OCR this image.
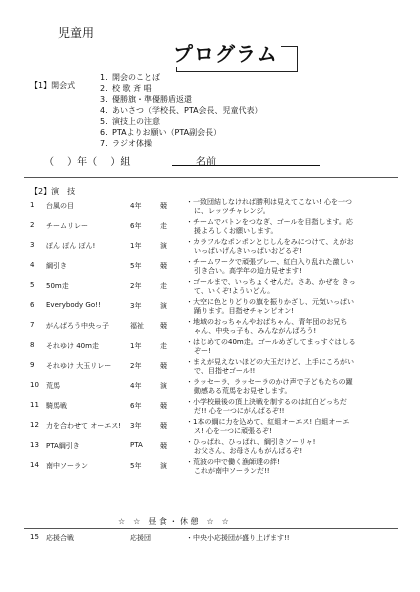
児童用
プログラム
【1】開会式
1. 開会のことば
2. 校 歌 斉 唱
3. 優勝旗・準優勝盾返還
4. あいさつ（学校長、PTA会長、児童代表）
5. 演技上の注意
6. PTAよりお願い（PTA副会長）
7. ラジオ体操
（　 ）年（　 ）組	名前
【2】演　技
1 台風の目	4年	競	・一致団結しなければ勝利は見えてこない! 心を一つ
に、レッツチャレンジ。
2 チームリレー	6年	走	・チームでバトンをつなぎ、ゴールを目指します。応
援よろしくお願いします。
3 ぽん ぽん ぽん!	1年	演	・カラフルなポンポンとじしんをみにつけて、えがお
いっぱいげんきいっぱいおどるぞ!
4 綱引き	5年	競	・チームワークで頑張プレー、紅白入り乱れた激しい
引き合い。高学年の迫力見せます!
5 50m走	2年	走	・ゴールまで、いっちょくせんだ。さあ、かぜを きっ
て、いくぞ!よういどん。
6 Everybody Go!!	3年	演	・大空に色とりどりの旗を振りかざし、元気いっぱい
踊ります。目指せチャンピオン!
7 がんばろう中央っ子	福祉 競	・地域のおっちゃんやおばちゃん、青年団のお兄ち
ゃん、中央っ子も、みんながんばろう!
8 それゆけ 40m走	1年	走	・はじめての40m走。ゴールめざしてまっすぐはしる
ぞー!
9 それゆけ 大玉リレー	2年	競	・まえが見えないほどの大玉だけど、上手にころがい
で、目指せゴール!!
10 荒馬	4年	演	・ラッセーラ、ラッセーラのかけ声で子どもたちの躍
動感ある荒馬をお見せします。
11 騎馬戦	6年	競	・小学校最後の頂上決戦を制するのは紅白どっちだ
だ!! 心を一つにがんばるぞ!!
12 力を合わせて オーエス! 3年	競	・1本の綱に力を込めて、紅組オーエス! 白組オーエ
ス! 心を一つに頑張るぞ!
13 PTA綱引き	PTA 競	・ひっぱれ、ひっぱれ、綱引きソーリャ!
お父さん、お母さんもがんばるぞ!
14 南中ソーラン	5年	演	・荒波の中で働く漁師達の絆!
これが南中ソーランだ!!
☆　☆　昼 食 ・ 休 憩　☆　☆
15 応援合戦	応援団	・中央小応援団が盛り上げます!!
